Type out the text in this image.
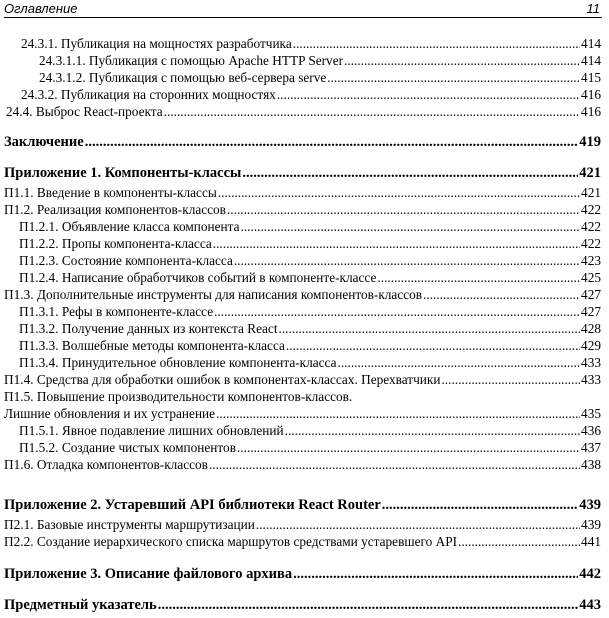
Оглавление	11
24.3.1. Публикация на мощностях разработчика .....	414
24.3.1.1. Публикация с помощью Apache HTTP Server .....	414
24.3.1.2. Публикация с помощью веб-сервера serve .....	415
24.3.2. Публикация на сторонних мощностях .....	416
24.4. Выброс React-проекта .....	416
Заключение .....	419
Приложение 1. Компоненты-классы .....	421
П1.1. Введение в компоненты-классы .....	421
П1.2. Реализация компонентов-классов .....	422
П1.2.1. Объявление класса компонента .....	422
П1.2.2. Пропы компонента-класса .....	422
П1.2.3. Состояние компонента-класса .....	423
П1.2.4. Написание обработчиков событий в компоненте-классе .....	425
П1.3. Дополнительные инструменты для написания компонентов-классов .....	427
П1.3.1. Рефы в компоненте-классе .....	427
П1.3.2. Получение данных из контекста React .....	428
П1.3.3. Волшебные методы компонента-класса .....	429
П1.3.4. Принудительное обновление компонента-класса .....	433
П1.4. Средства для обработки ошибок в компонентах-классах. Перехватчики .....	433
П1.5. Повышение производительности компонентов-классов.
Лишние обновления и их устранение .....	435
П1.5.1. Явное подавление лишних обновлений .....	436
П1.5.2. Создание чистых компонентов .....	437
П1.6. Отладка компонентов-классов .....	438
Приложение 2. Устаревший API библиотеки React Router .....	439
П2.1. Базовые инструменты маршрутизации .....	439
П2.2. Создание иерархического списка маршрутов средствами устаревшего API .....	441
Приложение 3. Описание файлового архива .....	442
Предметный указатель .....	443
